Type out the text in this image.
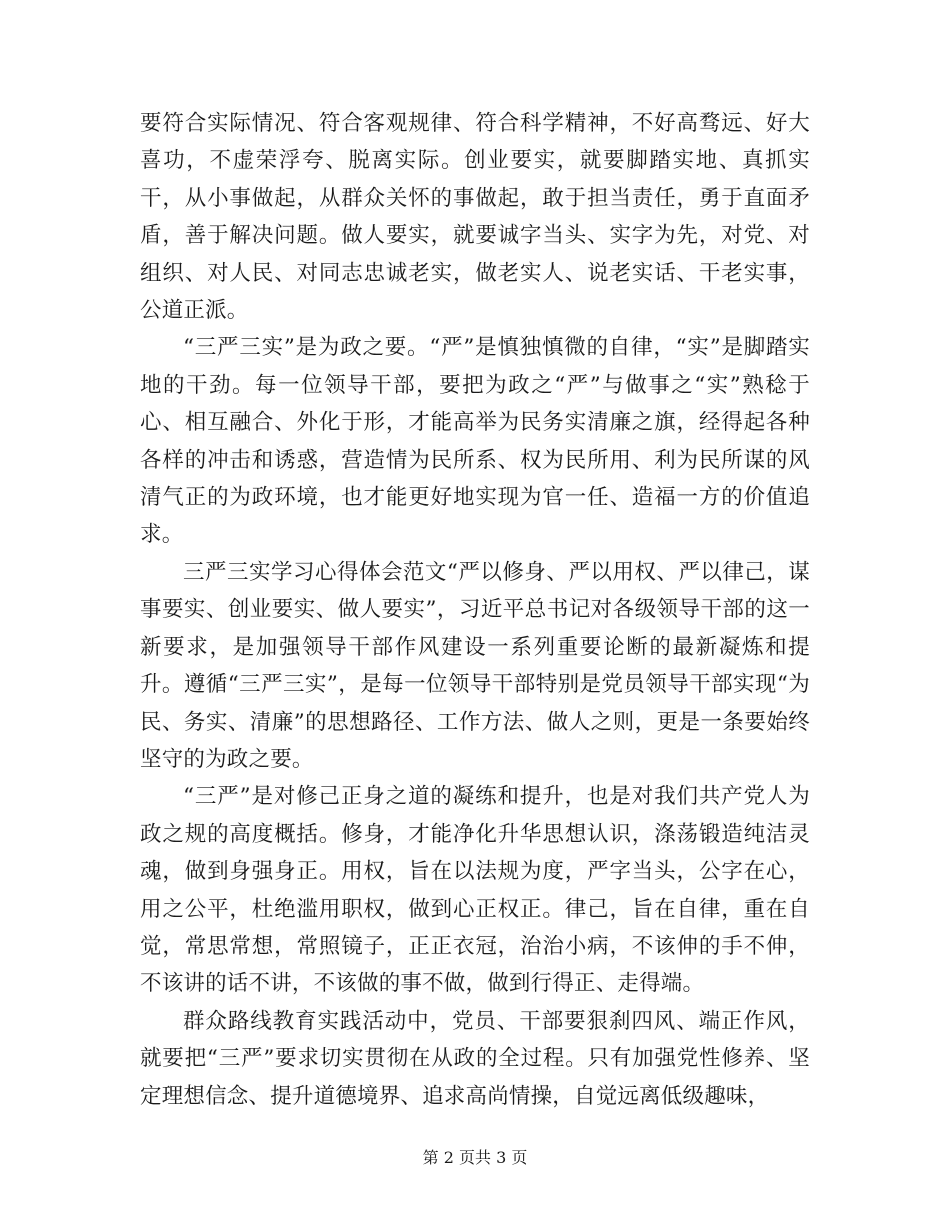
要符合实际情况、符合客观规律、符合科学精神，不好高骛远、好大喜功，不虚荣浮夸、脱离实际。创业要实，就要脚踏实地、真抓实干，从小事做起，从群众关怀的事做起，敢于担当责任，勇于直面矛盾，善于解决问题。做人要实，就要诚字当头、实字为先，对党、对组织、对人民、对同志忠诚老实，做老实人、说老实话、干老实事，公道正派。

“三严三实”是为政之要。“严”是慎独慎微的自律，“实”是脚踏实地的干劲。每一位领导干部，要把为政之“严”与做事之“实”熟稔于心、相互融合、外化于形，才能高举为民务实清廉之旗，经得起各种各样的冲击和诱惑，营造情为民所系、权为民所用、利为民所谋的风清气正的为政环境，也才能更好地实现为官一任、造福一方的价值追求。

三严三实学习心得体会范文“严以修身、严以用权、严以律己，谋事要实、创业要实、做人要实”，习近平总书记对各级领导干部的这一新要求，是加强领导干部作风建设一系列重要论断的最新凝炼和提升。遵循“三严三实”，是每一位领导干部特别是党员领导干部实现“为民、务实、清廉”的思想路径、工作方法、做人之则，更是一条要始终坚守的为政之要。

“三严”是对修己正身之道的凝练和提升，也是对我们共产党人为政之规的高度概括。修身，才能净化升华思想认识，涤荡锻造纯洁灵魂，做到身强身正。用权，旨在以法规为度，严字当头，公字在心，用之公平，杜绝滥用职权，做到心正权正。律己，旨在自律，重在自觉，常思常想，常照镜子，正正衣冠，治治小病，不该伸的手不伸，不该讲的话不讲，不该做的事不做，做到行得正、走得端。

群众路线教育实践活动中，党员、干部要狠刹四风、端正作风，就要把“三严”要求切实贯彻在从政的全过程。只有加强党性修养、坚定理想信念、提升道德境界、追求高尚情操，自觉远离低级趣味，

第 2 页共 3 页
